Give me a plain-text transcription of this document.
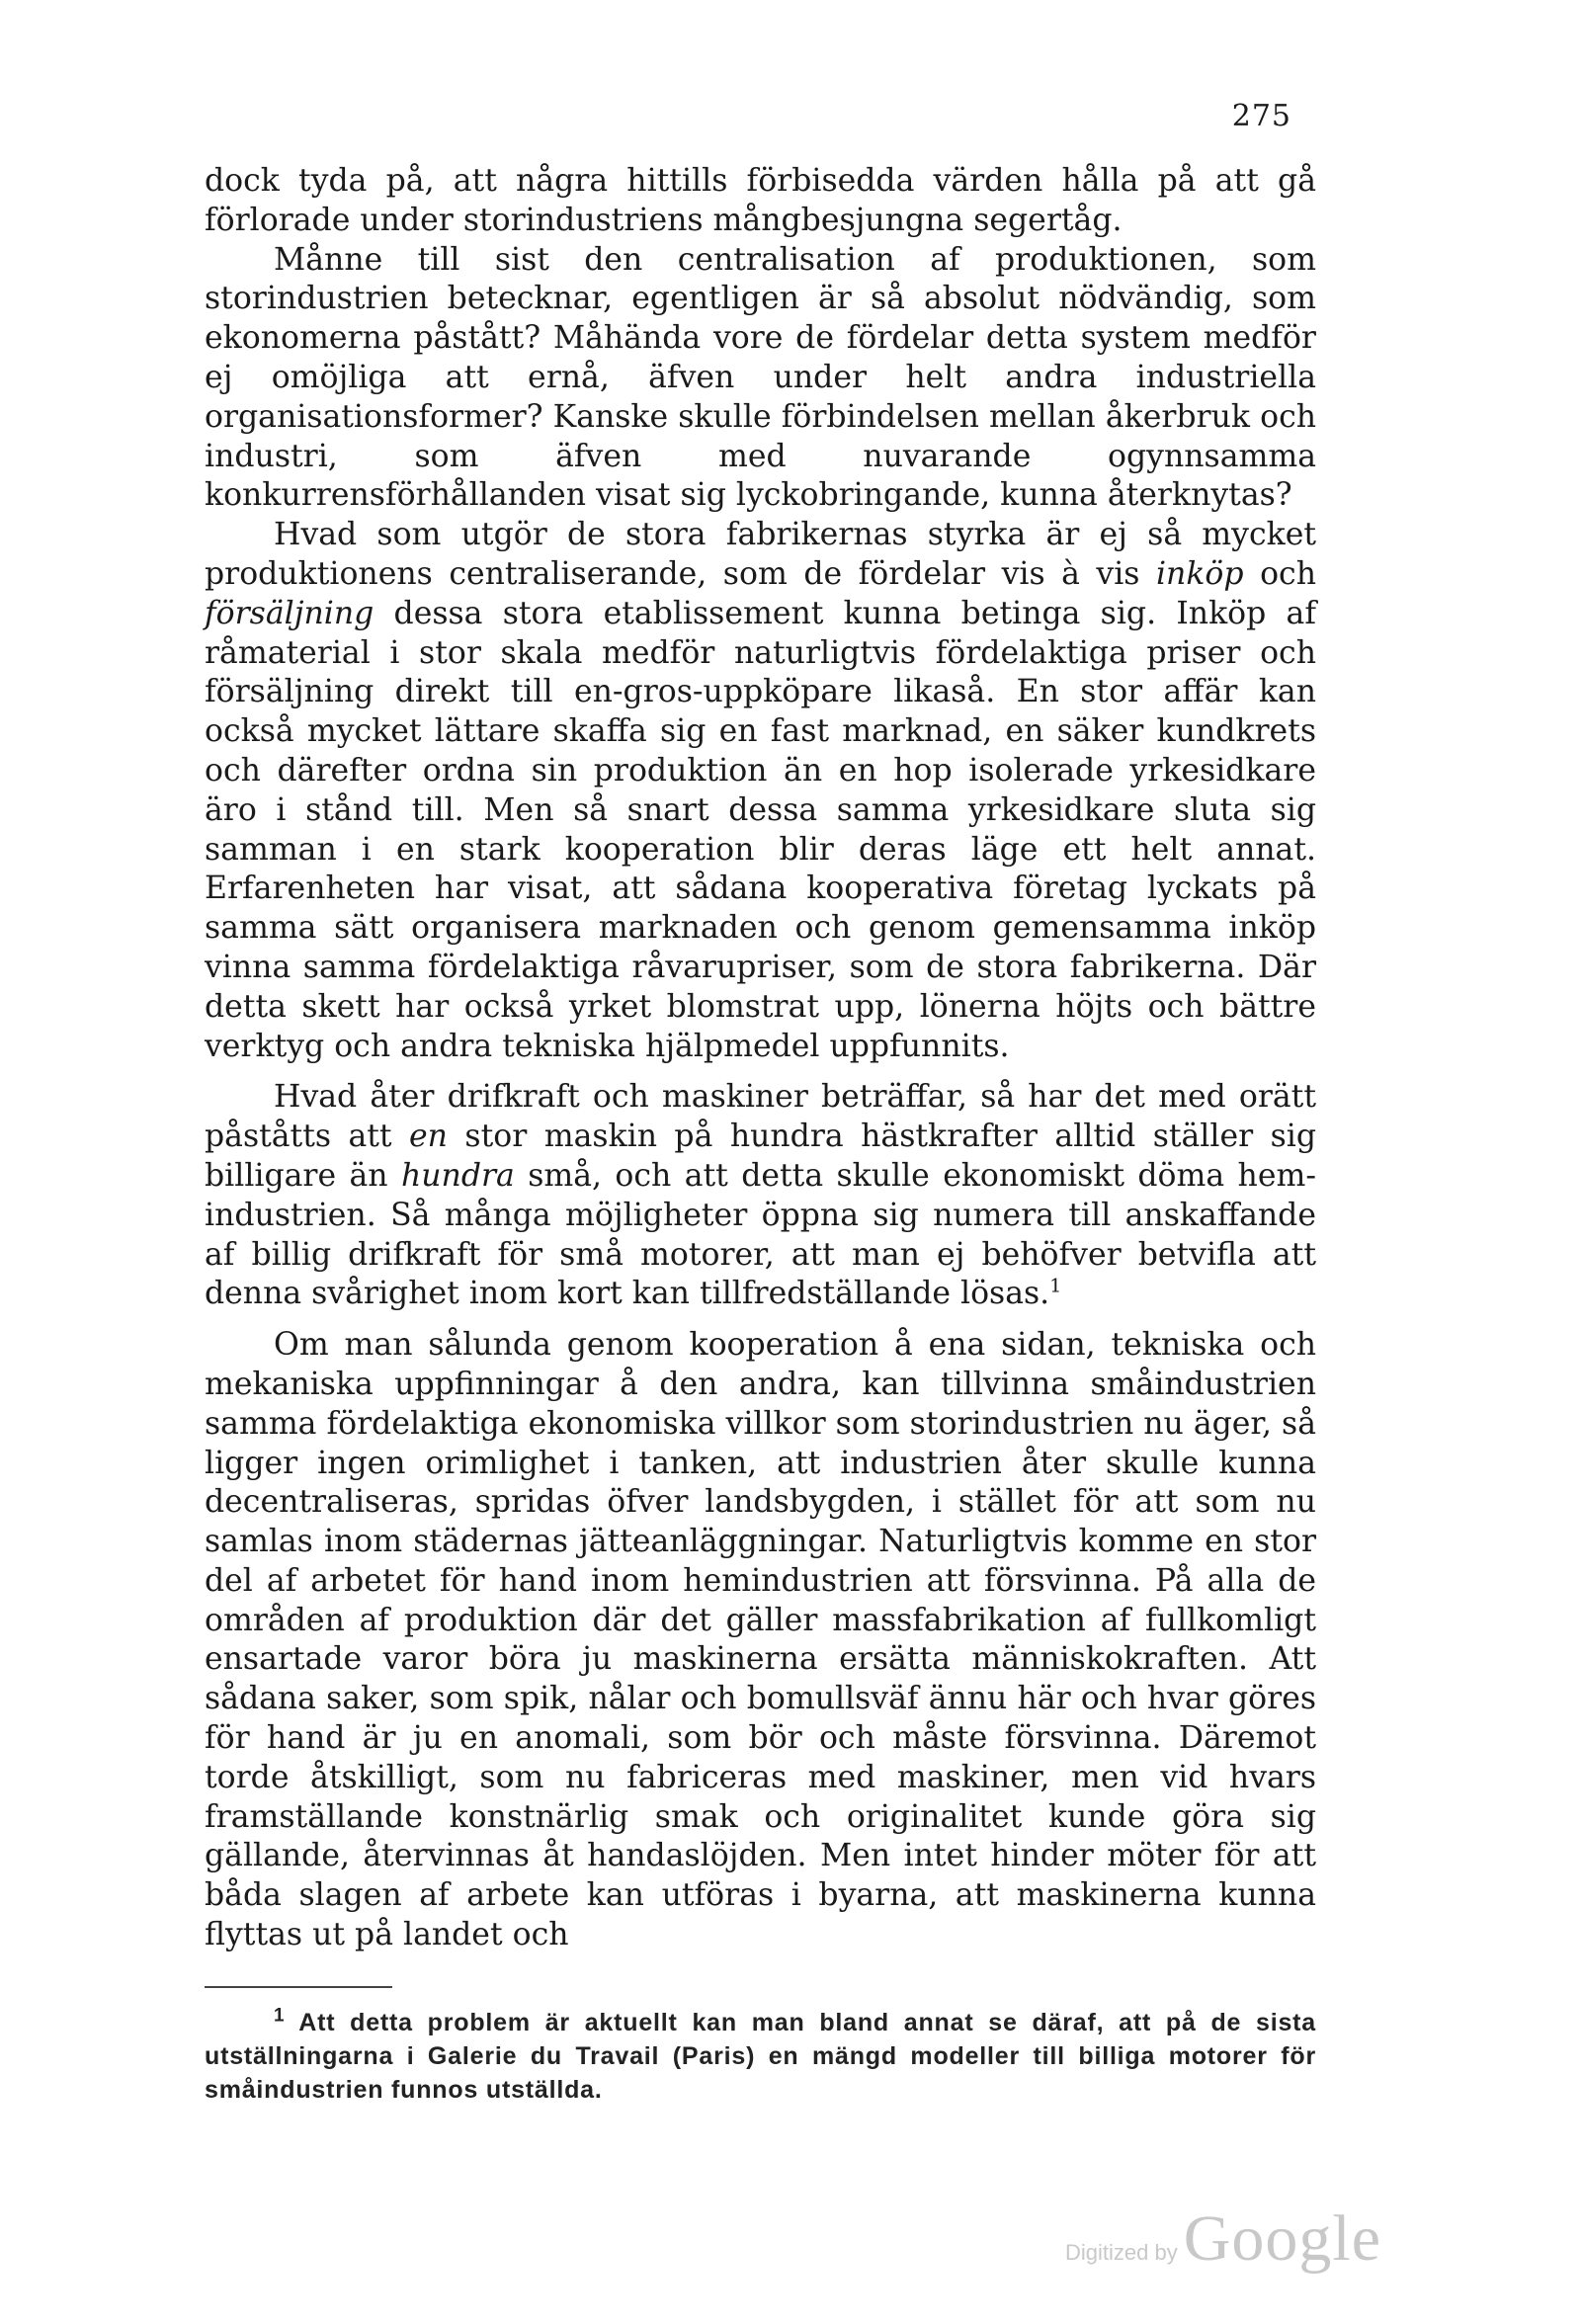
275

dock tyda på, att några hittills förbisedda värden hålla på att gå förlorade under storindustriens mångbesjungna segertåg.

Månne till sist den centralisation af produktionen, som storindustrien betecknar, egentligen är så absolut nödvändig, som ekonomerna påstått? Måhända vore de fördelar detta system medför ej omöjliga att ernå, äfven under helt andra industriella organisationsformer? Kanske skulle förbindelsen mellan åkerbruk och industri, som äfven med nuvarande ogynnsamma konkurrensförhållanden visat sig lyckobringande, kunna återknytas?

Hvad som utgör de stora fabrikernas styrka är ej så mycket produktionens centraliserande, som de fördelar vis à vis inköp och försäljning dessa stora etablissement kunna betinga sig. Inköp af råmaterial i stor skala medför naturligtvis fördelaktiga priser och försäljning direkt till en-gros-uppköpare likaså. En stor affär kan också mycket lättare skaffa sig en fast marknad, en säker kundkrets och därefter ordna sin produktion än en hop isolerade yrkesidkare äro i stånd till. Men så snart dessa samma yrkesidkare sluta sig samman i en stark kooperation blir deras läge ett helt annat. Erfarenheten har visat, att sådana kooperativa företag lyckats på samma sätt organisera marknaden och genom gemensamma inköp vinna samma fördelaktiga råvarupriser, som de stora fabrikerna. Där detta skett har också yrket blomstrat upp, lönerna höjts och bättre verktyg och andra tekniska hjälpmedel uppfunnits.

Hvad åter drifkraft och maskiner beträffar, så har det med orätt påståtts att en stor maskin på hundra hästkrafter alltid ställer sig billigare än hundra små, och att detta skulle ekonomiskt döma hem-industrien. Så många möjligheter öppna sig numera till anskaffande af billig drifkraft för små motorer, att man ej behöfver betvifla att denna svårighet inom kort kan tillfredställande lösas.$^1$

Om man sålunda genom kooperation å ena sidan, tekniska och mekaniska uppfinningar å den andra, kan tillvinna småindustrien samma fördelaktiga ekonomiska villkor som storindustrien nu äger, så ligger ingen orimlighet i tanken, att industrien åter skulle kunna decentraliseras, spridas öfver landsbygden, i stället för att som nu samlas inom städernas jätteanläggningar. Naturligtvis komme en stor del af arbetet för hand inom hemindustrien att försvinna. På alla de områden af produktion där det gäller massfabrikation af fullkomligt ensartade varor böra ju maskinerna ersätta människokraften. Att sådana saker, som spik, nålar och bomullsväf ännu här och hvar göres för hand är ju en anomali, som bör och måste försvinna. Däremot torde åtskilligt, som nu fabriceras med maskiner, men vid hvars framställande konstnärlig smak och originalitet kunde göra sig gällande, återvinnas åt handaslöjden. Men intet hinder möter för att båda slagen af arbete kan utföras i byarna, att maskinerna kunna flyttas ut på landet och

$^1$ Att detta problem är aktuellt kan man bland annat se däraf, att på de sista utställningarna i Galerie du Travail (Paris) en mängd modeller till billiga motorer för småindustrien funnos utställda.

Digitized byGoogle
